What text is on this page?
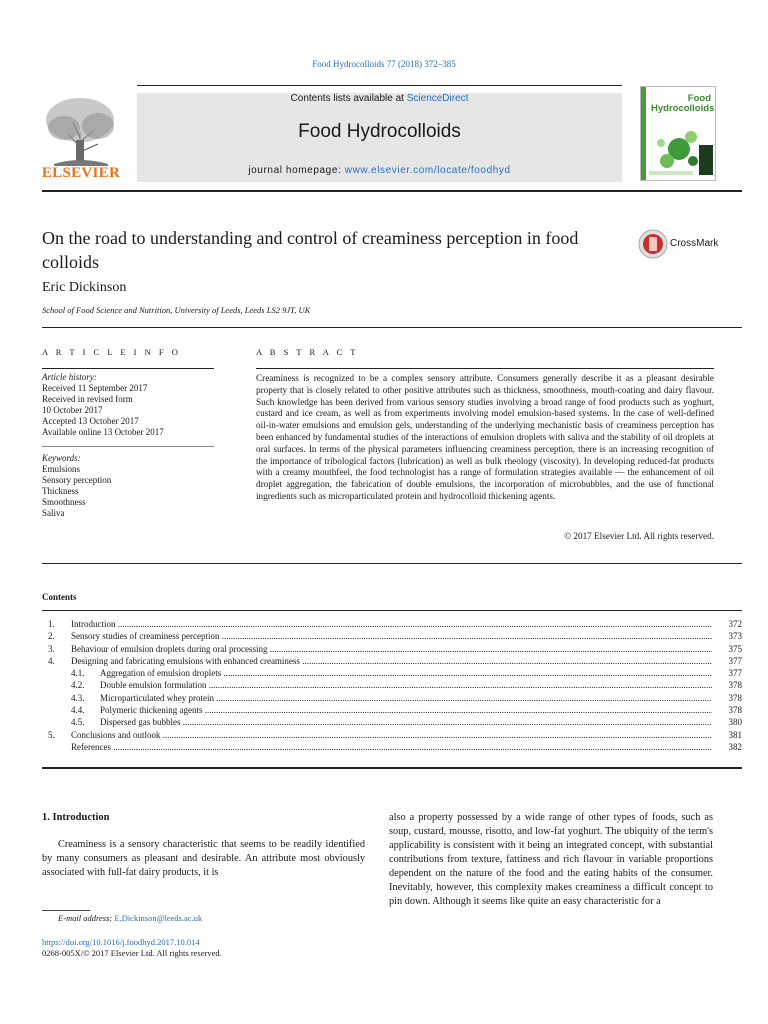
Food Hydrocolloids 77 (2018) 372–385
Contents lists available at ScienceDirect
Food Hydrocolloids
journal homepage: www.elsevier.com/locate/foodhyd
ELSEVIER
Food Hydrocolloids
On the road to understanding and control of creaminess perception in food colloids
CrossMark
Eric Dickinson
School of Food Science and Nutrition, University of Leeds, Leeds LS2 9JT, UK
A R T I C L E I N F O	A B S T R A C T
Article history:
Received 11 September 2017
Received in revised form
10 October 2017
Accepted 13 October 2017
Available online 13 October 2017
Keywords:
Emulsions
Sensory perception
Thickness
Smoothness
Saliva
Creaminess is recognized to be a complex sensory attribute. Consumers generally describe it as a pleasant desirable property that is closely related to other positive attributes such as thickness, smoothness, mouth-coating and dairy flavour. Such knowledge has been derived from various sensory studies involving a broad range of food products such as yoghurt, custard and ice cream, as well as from experiments involving model emulsion-based systems. In the case of well-defined oil-in-water emulsions and emulsion gels, understanding of the underlying mechanistic basis of creaminess perception has been enhanced by fundamental studies of the interactions of emulsion droplets with saliva and the stability of oil droplets at oral surfaces. In terms of the physical parameters influencing creaminess perception, there is an increasing recognition of the importance of tribological factors (lubrication) as well as bulk rheology (viscosity). In developing reduced-fat products with a creamy mouthfeel, the food technologist has a range of formulation strategies available — the enhancement of oil droplet aggregation, the fabrication of double emulsions, the incorporation of microbubbles, and the use of functional ingredients such as microparticulated protein and hydrocolloid thickening agents.
© 2017 Elsevier Ltd. All rights reserved.
Contents
1. Introduction .....	372
2. Sensory studies of creaminess perception .....	373
3. Behaviour of emulsion droplets during oral processing .....	375
4. Designing and fabricating emulsions with enhanced creaminess .....	377
4.1. Aggregation of emulsion droplets .....	377
4.2. Double emulsion formulation .....	378
4.3. Microparticulated whey protein .....	378
4.4. Polymeric thickening agents .....	378
4.5. Dispersed gas bubbles .....	380
5. Conclusions and outlook .....	381
References .....	382
1. Introduction
Creaminess is a sensory characteristic that seems to be readily identified by many consumers as pleasant and desirable. An attribute most obviously associated with full-fat dairy products, it is
also a property possessed by a wide range of other types of foods, such as soup, custard, mousse, risotto, and low-fat yoghurt. The ubiquity of the term's applicability is consistent with it being an integrated concept, with substantial contributions from texture, fattiness and rich flavour in variable proportions dependent on the nature of the food and the eating habits of the consumer. Inevitably, however, this complexity makes creaminess a difficult concept to pin down. Although it seems like quite an easy characteristic for a
E-mail address: E.Dickinson@leeds.ac.uk
https://doi.org/10.1016/j.foodhyd.2017.10.014
0268-005X/© 2017 Elsevier Ltd. All rights reserved.
